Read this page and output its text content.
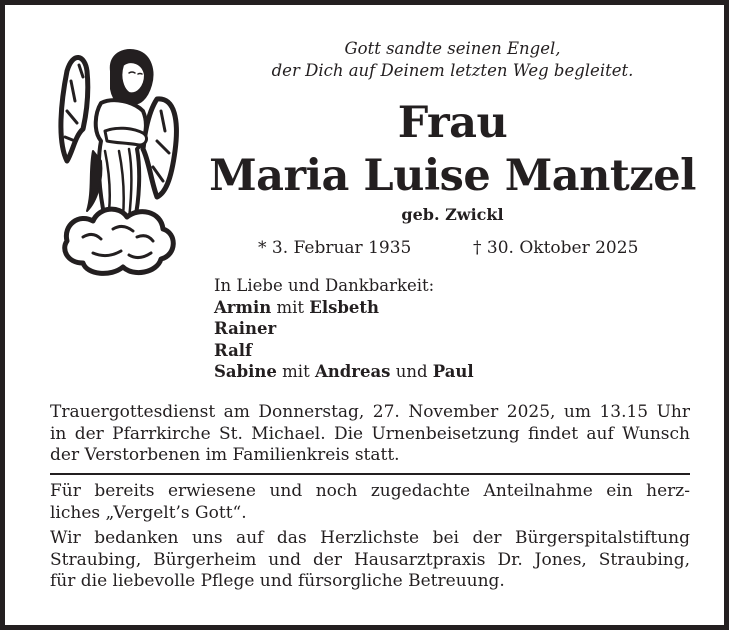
Gott sandte seinen Engel,
der Dich auf Deinem letzten Weg begleitet.
Frau
Maria Luise Mantzel
geb. Zwickl
* 3. Februar 1935	† 30. Oktober 2025
In Liebe und Dankbarkeit:
Armin mit Elsbeth
Rainer
Ralf
Sabine mit Andreas und Paul
Trauergottesdienst am Donnerstag, 27. November 2025, um 13.15 Uhr
in der Pfarrkirche St. Michael. Die Urnenbeisetzung findet auf Wunsch
der Verstorbenen im Familienkreis statt.

Für bereits erwiesene und noch zugedachte Anteilnahme ein herz-
liches „Vergelt’s Gott“.

Wir bedanken uns auf das Herzlichste bei der Bürgerspitalstiftung
Straubing, Bürgerheim und der Hausarztpraxis Dr. Jones, Straubing,
für die liebevolle Pflege und fürsorgliche Betreuung.
